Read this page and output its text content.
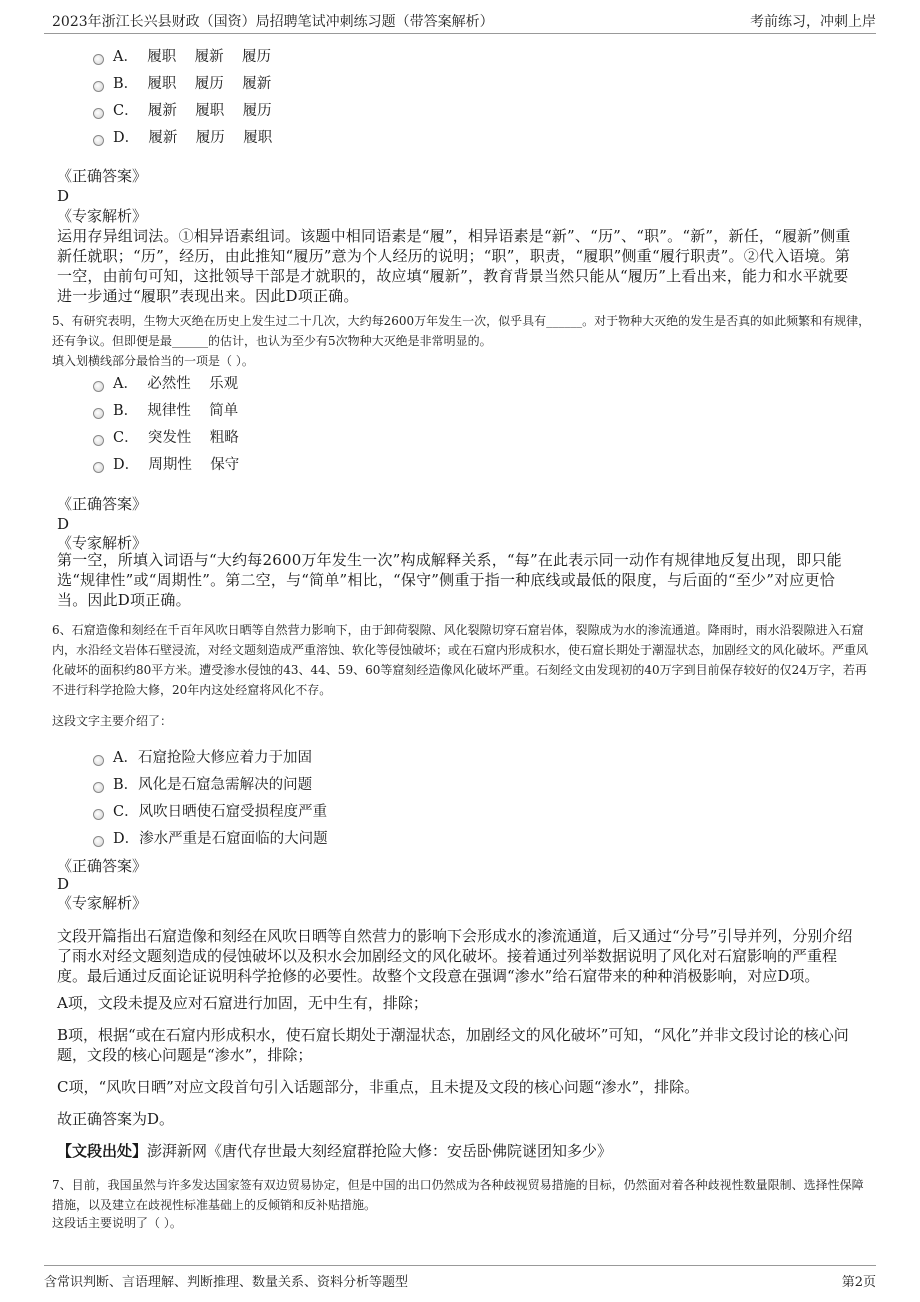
2023年浙江长兴县财政（国资）局招聘笔试冲刺练习题（带答案解析）	考前练习，冲刺上岸
A．  履职    履新    履历
B．  履职    履历    履新
C．  履新    履职    履历
D．  履新    履历    履职
《正确答案》
D
《专家解析》
运用存异组词法。①相异语素组词。该题中相同语素是“履”，相异语素是“新”、“历”、“职”。“新”，新任，“履新”侧重新任就职；“历”，经历，由此推知“履历”意为个人经历的说明；“职”，职责，“履职”侧重“履行职责”。②代入语境。第一空，由前句可知，这批领导干部是才就职的，故应填“履新”，教育背景当然只能从“履历”上看出来，能力和水平就要进一步通过“履职”表现出来。因此D项正确。
5、有研究表明，生物大灭绝在历史上发生过二十几次，大约每2600万年发生一次，似乎具有______。对于物种大灭绝的发生是否真的如此频繁和有规律，还有争议。但即便是最______的估计，也认为至少有5次物种大灭绝是非常明显的。
填入划横线部分最恰当的一项是（ ）。
A．  必然性    乐观
B．  规律性    简单
C．  突发性    粗略
D．  周期性    保守
《正确答案》
D
《专家解析》
第一空，所填入词语与“大约每2600万年发生一次”构成解释关系，“每”在此表示同一动作有规律地反复出现，即只能选“规律性”或“周期性”。第二空，与“简单”相比，“保守”侧重于指一种底线或最低的限度，与后面的“至少”对应更恰当。因此D项正确。
6、石窟造像和刻经在千百年风吹日晒等自然营力影响下，由于卸荷裂隙、风化裂隙切穿石窟岩体，裂隙成为水的渗流通道。降雨时，雨水沿裂隙进入石窟内，水沿经文岩体石壁浸流，对经文题刻造成严重溶蚀、软化等侵蚀破坏；或在石窟内形成积水，使石窟长期处于潮湿状态，加剧经文的风化破坏。严重风化破坏的面积约80平方米。遭受渗水侵蚀的43、44、59、60等窟刻经造像风化破坏严重。石刻经文由发现初的40万字到目前保存较好的仅24万字，若再不进行科学抢险大修，20年内这处经窟将风化不存。
这段文字主要介绍了：
A．石窟抢险大修应着力于加固
B．风化是石窟急需解决的问题
C．风吹日晒使石窟受损程度严重
D．渗水严重是石窟面临的大问题
《正确答案》
D
《专家解析》
文段开篇指出石窟造像和刻经在风吹日晒等自然营力的影响下会形成水的渗流通道，后又通过“分号”引导并列，分别介绍了雨水对经文题刻造成的侵蚀破坏以及积水会加剧经文的风化破坏。接着通过列举数据说明了风化对石窟影响的严重程度。最后通过反面论证说明科学抢修的必要性。故整个文段意在强调“渗水”给石窟带来的种种消极影响，对应D项。
A项，文段未提及应对石窟进行加固，无中生有，排除；
B项，根据“或在石窟内形成积水，使石窟长期处于潮湿状态，加剧经文的风化破坏”可知，“风化”并非文段讨论的核心问题，文段的核心问题是“渗水”，排除；
C项，“风吹日晒”对应文段首句引入话题部分，非重点，且未提及文段的核心问题“渗水”，排除。
故正确答案为D。
【文段出处】澎湃新网《唐代存世最大刻经窟群抢险大修：安岳卧佛院谜团知多少》
7、目前，我国虽然与许多发达国家签有双边贸易协定，但是中国的出口仍然成为各种歧视贸易措施的目标，仍然面对着各种歧视性数量限制、选择性保障措施，以及建立在歧视性标准基础上的反倾销和反补贴措施。
这段话主要说明了（ ）。
含常识判断、言语理解、判断推理、数量关系、资料分析等题型	第2页
